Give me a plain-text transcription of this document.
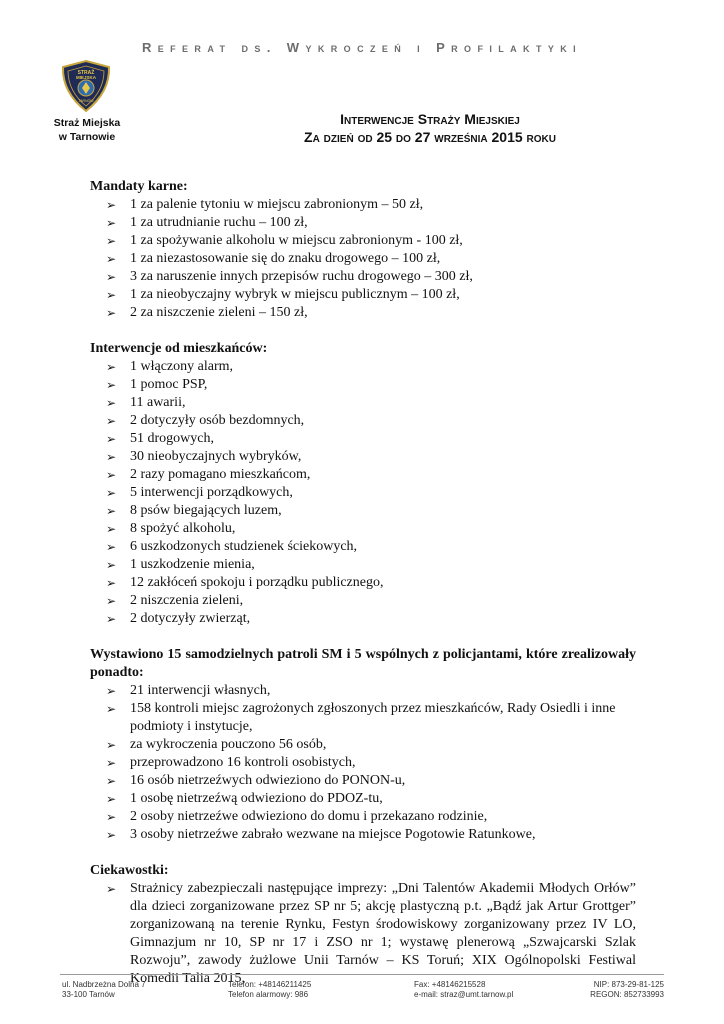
Referat ds. Wykroczeń i Profilaktyki
STRAŻ
MIEJSKA
TARNÓW
Straż Miejska
w Tarnowie
Interwencje Straży Miejskiej
Za dzień od 25 do 27 września 2015 roku
Mandaty karne:
➢ 1 za palenie tytoniu w miejscu zabronionym – 50 zł,
➢ 1 za utrudnianie ruchu – 100 zł,
➢ 1 za spożywanie alkoholu w miejscu zabronionym - 100 zł,
➢ 1 za niezastosowanie się do znaku drogowego – 100 zł,
➢ 3 za naruszenie innych przepisów ruchu drogowego – 300 zł,
➢ 1 za nieobyczajny wybryk w miejscu publicznym – 100 zł,
➢ 2 za niszczenie zieleni – 150 zł,
Interwencje od mieszkańców:
➢ 1 włączony alarm,
➢ 1 pomoc PSP,
➢ 11 awarii,
➢ 2 dotyczyły osób bezdomnych,
➢ 51 drogowych,
➢ 30 nieobyczajnych wybryków,
➢ 2 razy pomagano mieszkańcom,
➢ 5 interwencji porządkowych,
➢ 8 psów biegających luzem,
➢ 8 spożyć alkoholu,
➢ 6 uszkodzonych studzienek ściekowych,
➢ 1 uszkodzenie mienia,
➢ 12 zakłóceń spokoju i porządku publicznego,
➢ 2 niszczenia zieleni,
➢ 2 dotyczyły zwierząt,
Wystawiono 15 samodzielnych patroli SM i 5 wspólnych z policjantami, które zrealizowały ponadto:
➢ 21 interwencji własnych,
➢ 158 kontroli miejsc zagrożonych zgłoszonych przez mieszkańców, Rady Osiedli i inne podmioty i instytucje,
➢ za wykroczenia pouczono 56 osób,
➢ przeprowadzono 16 kontroli osobistych,
➢ 16 osób nietrzeźwych odwieziono do PONON-u,
➢ 1 osobę nietrzeźwą odwieziono do PDOZ-tu,
➢ 2 osoby nietrzeźwe odwieziono do domu i przekazano rodzinie,
➢ 3 osoby nietrzeźwe zabrało wezwane na miejsce Pogotowie Ratunkowe,
Ciekawostki:
➢ Strażnicy zabezpieczali następujące imprezy: „Dni Talentów Akademii Młodych Orłów” dla dzieci zorganizowane przez SP nr 5; akcję plastyczną p.t. „Bądź jak Artur Grottger” zorganizowaną na terenie Rynku, Festyn środowiskowy zorganizowany przez IV LO, Gimnazjum nr 10, SP nr 17 i ZSO nr 1; wystawę plenerową „Szwajcarski Szlak Rozwoju”, zawody żużlowe Unii Tarnów – KS Toruń; XIX Ogólnopolski Festiwal Komedii Talia 2015,
ul. Nadbrzeżna Dolna 7
33-100 Tarnów
Telefon: +48146211425
Telefon alarmowy: 986
Fax: +48146215528
e-mail: straz@umt.tarnow.pl
NIP: 873-29-81-125
REGON: 852733993
